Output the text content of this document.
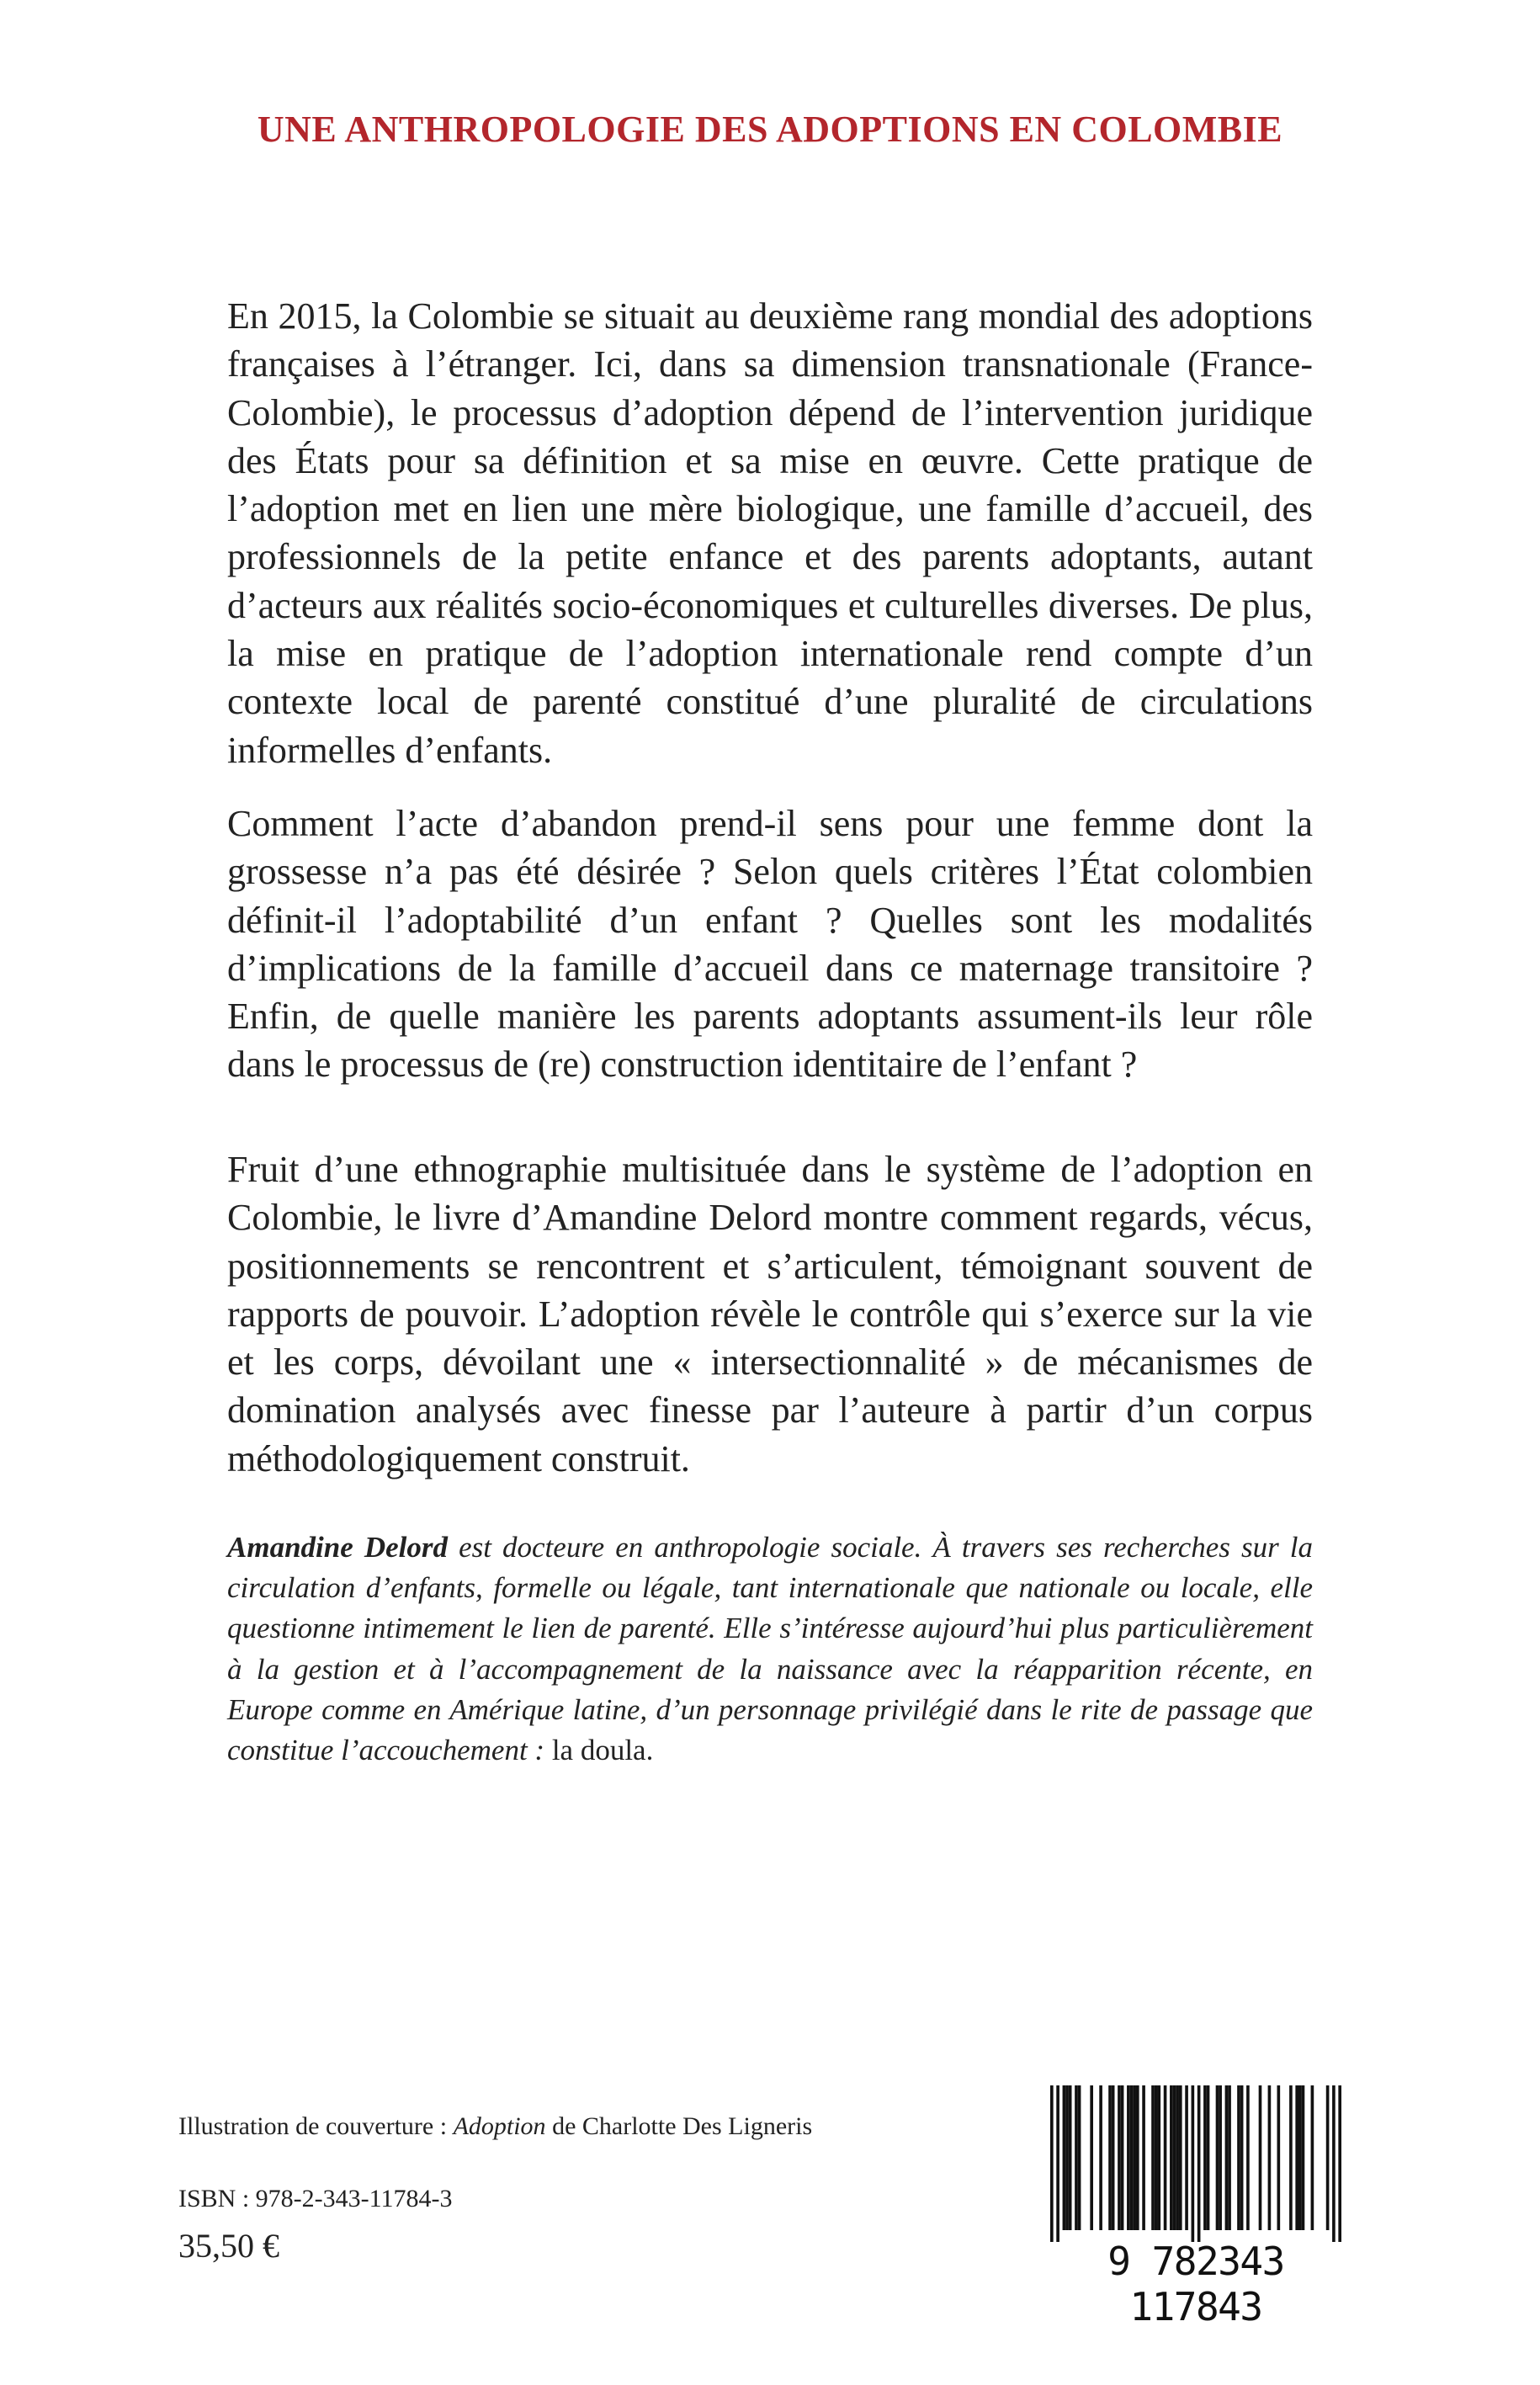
UNE ANTHROPOLOGIE DES ADOPTIONS EN COLOMBIE

En 2015, la Colombie se situait au deuxième rang mondial des adoptions françaises à l’étranger. Ici, dans sa dimension transnationale (France-Colombie), le processus d’adoption dépend de l’intervention juridique des États pour sa définition et sa mise en œuvre. Cette pratique de l’adoption met en lien une mère biologique, une famille d’accueil, des professionnels de la petite enfance et des parents adoptants, autant d’acteurs aux réalités socio-économiques et culturelles diverses. De plus, la mise en pratique de l’adoption internationale rend compte d’un contexte local de parenté constitué d’une pluralité de circulations informelles d’enfants.

Comment l’acte d’abandon prend-il sens pour une femme dont la grossesse n’a pas été désirée ? Selon quels critères l’État colombien définit-il l’adoptabilité d’un enfant ? Quelles sont les modalités d’implications de la famille d’accueil dans ce maternage transitoire ? Enfin, de quelle manière les parents adoptants assument-ils leur rôle dans le processus de (re) construction identitaire de l’enfant ?

Fruit d’une ethnographie multisituée dans le système de l’adoption en Colombie, le livre d’Amandine Delord montre comment regards, vécus, positionnements se rencontrent et s’articulent, témoignant souvent de rapports de pouvoir. L’adoption révèle le contrôle qui s’exerce sur la vie et les corps, dévoilant une « intersectionnalité » de mécanismes de domination analysés avec finesse par l’auteure à partir d’un corpus méthodologiquement construit.

Amandine Delord est docteure en anthropologie sociale. À travers ses recherches sur la circulation d’enfants, formelle ou légale, tant internationale que nationale ou locale, elle questionne intimement le lien de parenté. Elle s’intéresse aujourd’hui plus particulièrement à la gestion et à l’accompagnement de la naissance avec la réapparition récente, en Europe comme en Amérique latine, d’un personnage privilégié dans le rite de passage que constitue l’accouchement : la doula.

Illustration de couverture : Adoption de Charlotte Des Ligneris

ISBN : 978-2-343-11784-3

35,50 €	9 782343 117843
